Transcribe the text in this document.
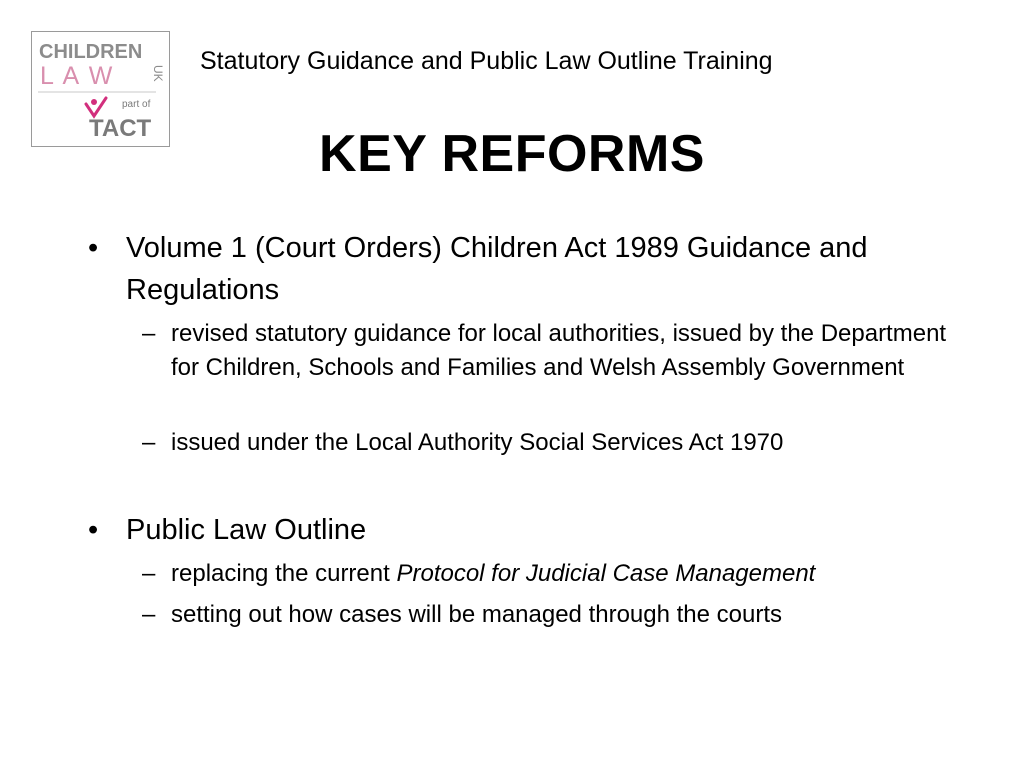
CHILDREN
L A W	UK
part of
TACT
Statutory Guidance and Public Law Outline Training
KEY REFORMS
• Volume 1 (Court Orders) Children Act 1989 Guidance and Regulations
– revised statutory guidance for local authorities, issued by the Department for Children, Schools and Families and Welsh Assembly Government
– issued under the Local Authority Social Services Act 1970
• Public Law Outline
– replacing the current Protocol for Judicial Case Management
– setting out how cases will be managed through the courts
